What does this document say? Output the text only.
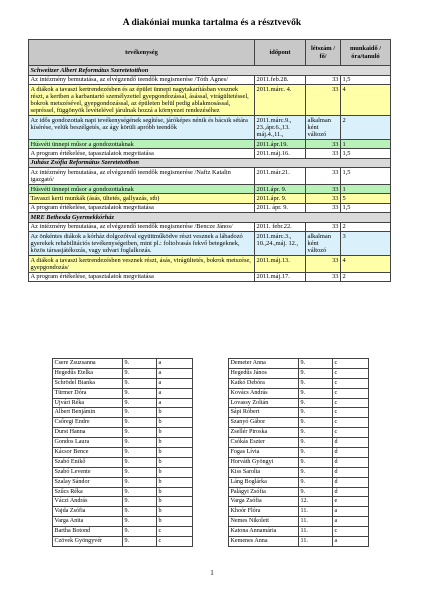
A diakóniai munka tartalma és a résztvevők
tevékenység	időpont	létszám / fő/	munkaidő /óra/tanuló
Schweitzer Albert Református Szeretetotthon			
Az intézmény bemutatása, az elvégzendő teendők megismerése /Tóth Ágnes/	2011.feb.28.	33	1,5
A diákok a tavaszi kertrendezésben és az épület ünnepi nagytakarításban vesznek részt, a kertben a karbantartó személyzettel gyepgondozással, ásással, virágültetéssel, bokrok metszésével, gyepgondozással, az épületen belül pedig ablakmosással, sepréssel, függönyök levételével járulnak hozzá a környezet rendezéséhez	2011.márc. 4.	33	4
Az idős gondozottak napi tevékenységének segítése, járóképes nénik és bácsik sétára kísérése, velük beszélgetés, az ágy körüli apróbb teendők	2011.márc.9., 23.,ápr.6.,13. máj.4.,11.,	alkalman ként változó	2
Húsvéti ünnepi műsor a gondozottaknak	2011.ápr.19.	33	1
A program értékelése, tapasztalatok megvitatása	2011.máj.16.	33	1,5
Juhász Zsófia Református Szeretetotthon			
Az intézmény bemutatása, az elvégzendő teendők megismerése /Naftz Katalin igazgató/	2011.már.21.	33	1,5
Húsvéti ünnepi műsor a gondozottaknak	2011.ápr. 9.	33	1
Tavaszi kerti munkák (ásás, ültetés, gallyazás, stb)	2011.ápr. 9.	33	5
A program értékelése, tapasztalatok megvitatása	2011. ápr. 9.	33	1,5
MRE Bethesda Gyermekkórház			
Az intézmény bemutatása, az elvégzendő teendők megismerése /Bencze János/	2011. febr.22.	33	2
Az önkéntes diákok a kórház dolgozóival együttműködve részt vesznek a lábadozó gyerekek rehabilitációs tevékenységeiben, mint pl.: foltolvasás fekvő betegeknek, közös társasjátékozás, vagy udvari foglalkozás.	2011.márc.3., 10.,24.,máj. 12.,	alkalman ként változó	3
A diákok a tavaszi kertrendezésben vesznek részt, ásás, virágültetés, bokrok metszése, gyepgondozás/	2011.máj.13.	33	4
A program értékelése, tapasztalatok megvitatása	2011.máj.17.	33	2
Csere Zsuzsanna	9.	a
Hegedűs Etelka	9.	a
Schrödel Bianka	9.	a
Türmer Dóra	9.	a
Ujvári Réka	9.	a
Albert Benjámin	9.	b
Csőregi Endre	9.	b
Durst Hanna	9.	b
Gondos Laura	9.	b
Kácsor Bence	9.	b
Szabó Enikő	9.	b
Szabó Levente	9.	b
Szalay Sándor	9.	b
Szűcs Réka	9.	b
Váczi András	9.	b
Vajda Zsófia	9.	b
Varga Anita	9.	b
Bartha Botond	9.	c
Czövek Gyöngyvér	9.	c
Demeter Anna	9.	c
Hegedűs János	9.	c
Katkó Debóra	9.	c
Kovács András	9.	c
Lovassy Zoltán	9.	c
Sápi Róbert	9.	c
Szanyó Gábor	9.	c
Zsellér Piroska	9.	c
Csókás Eszter	9.	d
Fogas Lívia	9.	d
Horváth Gyöngyi	9.	d
Kiss Sarolta	9.	d
Láng Boglárka	9.	d
Palágyi Zsófia	9.	d
Varga Zsófia	12.	e
Khoór Flóra	11.	a
Nemes Nikolett	11.	a
Katona Annamária	11.	c
Kemenes Anna	11.	a
1
